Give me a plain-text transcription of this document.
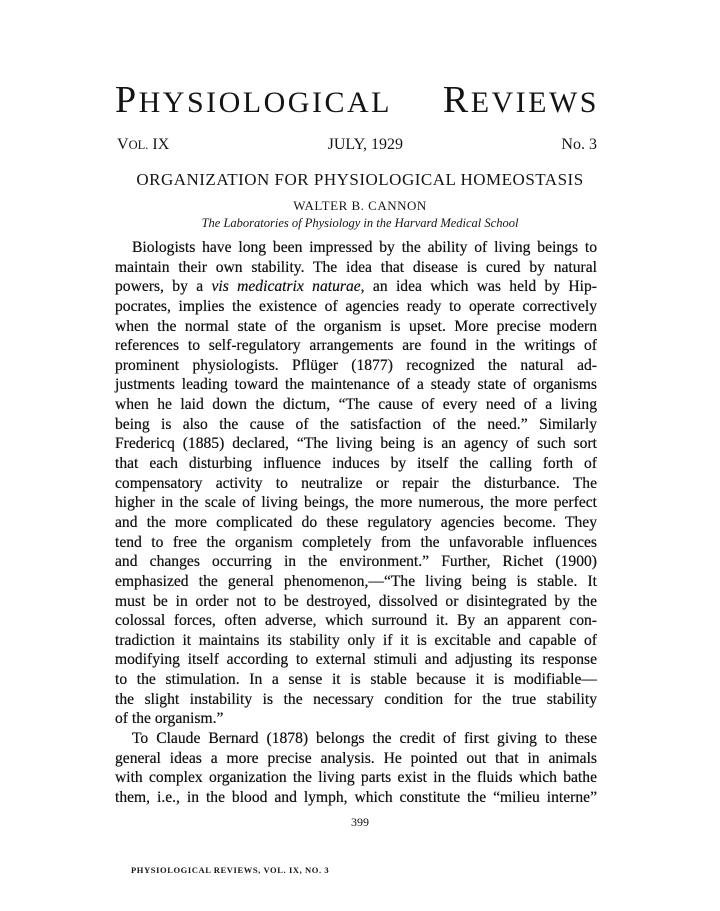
PHYSIOLOGICAL REVIEWS
VOL. IX	JULY, 1929	No. 3
ORGANIZATION FOR PHYSIOLOGICAL HOMEOSTASIS
WALTER B. CANNON
The Laboratories of Physiology in the Harvard Medical School
Biologists have long been impressed by the ability of living beings to
maintain their own stability. The idea that disease is cured by natural
powers, by a vis medicatrix naturae, an idea which was held by Hip-
pocrates, implies the existence of agencies ready to operate correctively
when the normal state of the organism is upset. More precise modern
references to self-regulatory arrangements are found in the writings of
prominent physiologists. Pflüger (1877) recognized the natural ad-
justments leading toward the maintenance of a steady state of organisms
when he laid down the dictum, “The cause of every need of a living
being is also the cause of the satisfaction of the need.” Similarly
Fredericq (1885) declared, “The living being is an agency of such sort
that each disturbing influence induces by itself the calling forth of
compensatory activity to neutralize or repair the disturbance. The
higher in the scale of living beings, the more numerous, the more perfect
and the more complicated do these regulatory agencies become. They
tend to free the organism completely from the unfavorable influences
and changes occurring in the environment.” Further, Richet (1900)
emphasized the general phenomenon,—“The living being is stable. It
must be in order not to be destroyed, dissolved or disintegrated by the
colossal forces, often adverse, which surround it. By an apparent con-
tradiction it maintains its stability only if it is excitable and capable of
modifying itself according to external stimuli and adjusting its response
to the stimulation. In a sense it is stable because it is modifiable—
the slight instability is the necessary condition for the true stability
of the organism.”
To Claude Bernard (1878) belongs the credit of first giving to these
general ideas a more precise analysis. He pointed out that in animals
with complex organization the living parts exist in the fluids which bathe
them, i.e., in the blood and lymph, which constitute the “milieu interne”
399
PHYSIOLOGICAL REVIEWS, VOL. IX, NO. 3
